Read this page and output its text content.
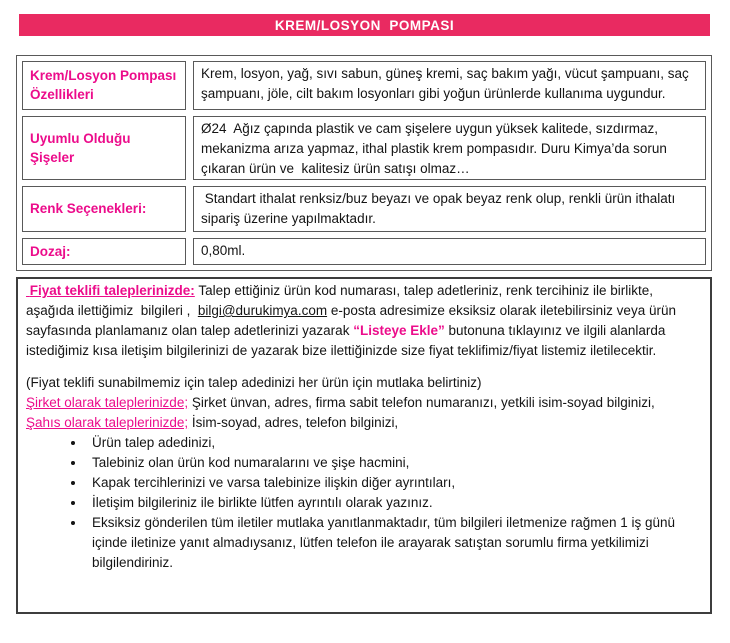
KREM/LOSYON  POMPASI
Krem/Losyon Pompası Özellikleri
Krem, losyon, yağ, sıvı sabun, güneş kremi, saç bakım yağı, vücut şampuanı, saç şampuanı, jöle, cilt bakım losyonları gibi yoğun ürünlerde kullanıma uygundur.
Uyumlu Olduğu Şişeler
Ø24  Ağız çapında plastik ve cam şişelere uygun yüksek kalitede, sızdırmaz, mekanizma arıza yapmaz, ithal plastik krem pompasıdır. Duru Kimya’da sorun çıkaran ürün ve  kalitesiz ürün satışı olmaz…
Renk Seçenekleri:
Standart ithalat renksiz/buz beyazı ve opak beyaz renk olup, renkli ürün ithalatı sipariş üzerine yapılmaktadır.
Dozaj:	0,80ml.

Fiyat teklifi taleplerinizde: Talep ettiğiniz ürün kod numarası, talep adetleriniz, renk tercihiniz ile birlikte, aşağıda ilettiğimiz  bilgileri ,  bilgi@durukimya.com e-posta adresimize eksiksiz olarak iletebilirsiniz veya ürün sayfasında planlamanız olan talep adetlerinizi yazarak “Listeye Ekle” butonuna tıklayınız ve ilgili alanlarda istediğimiz kısa iletişim bilgilerinizi de yazarak bize ilettiğinizde size fiyat teklifimiz/fiyat listemiz iletilecektir.

(Fiyat teklifi sunabilmemiz için talep adedinizi her ürün için mutlaka belirtiniz)

Şirket olarak taleplerinizde; Şirket ünvan, adres, firma sabit telefon numaranızı, yetkili isim-soyad bilginizi,

Şahıs olarak taleplerinizde; İsim-soyad, adres, telefon bilginizi,

• Ürün talep adedinizi,
• Talebiniz olan ürün kod numaralarını ve şişe hacmini,
• Kapak tercihlerinizi ve varsa talebinize ilişkin diğer ayrıntıları,
• İletişim bilgileriniz ile birlikte lütfen ayrıntılı olarak yazınız.
• Eksiksiz gönderilen tüm iletiler mutlaka yanıtlanmaktadır, tüm bilgileri iletmenize rağmen 1 iş günü içinde iletinize yanıt almadıysanız, lütfen telefon ile arayarak satıştan sorumlu firma yetkilimizi bilgilendiriniz.
